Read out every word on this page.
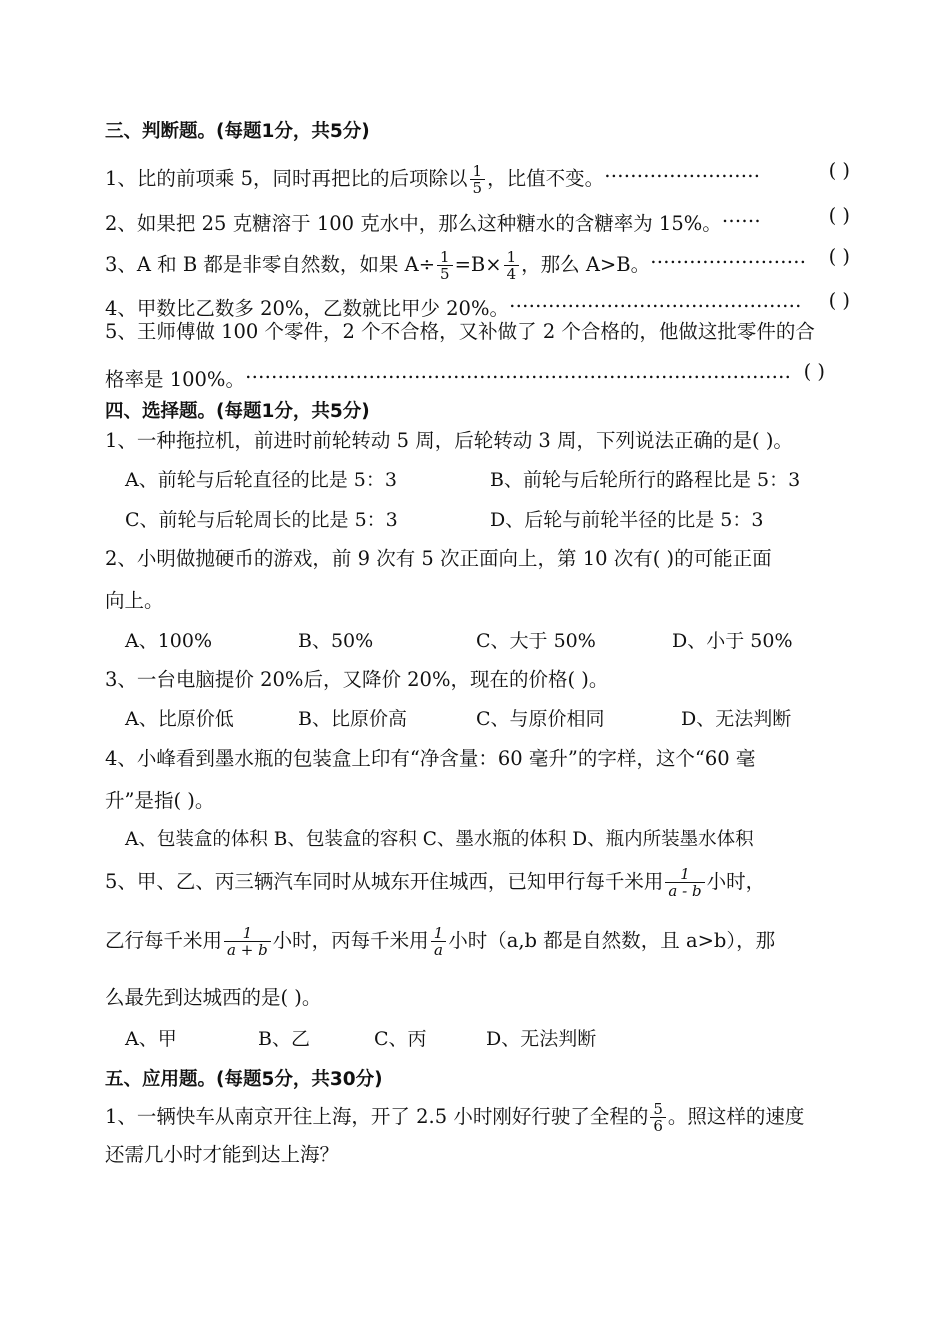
三、判断题。(每题1分，共5分)
1、比的前项乘 5，同时再把比的后项除以 $\frac{1}{5}$ ，比值不变。……………………	( )
2、如果把 25 克糖溶于 100 克水中，那么这种糖水的含糖率为 15%。……	( )
3、A 和 B 都是非零自然数，如果 $A\div \frac{1}{5} =B\times \frac{1}{4}$ ，那么 A>B。…………………… ( )
4、甲数比乙数多 20%，乙数就比甲少 20%。……………………………………… ( )
5、王师傅做 100 个零件，2 个不合格，又补做了 2 个合格的，他做这批零件的合
格率是 100%。………………………………………………………………………… ( )
四、选择题。(每题1分，共5分)
1、一种拖拉机，前进时前轮转动 5 周，后轮转动 3 周，下列说法正确的是( )。
A、前轮与后轮直径的比是 5：3	B、前轮与后轮所行的路程比是 5：3
C、前轮与后轮周长的比是 5：3	D、后轮与前轮半径的比是 5：3
2、小明做抛硬币的游戏，前 9 次有 5 次正面向上，第 10 次有( )的可能正面
向上。
A、100%	B、50%	C、大于 50%	D、小于 50%
3、一台电脑提价 20%后，又降价 20%，现在的价格( )。
A、比原价低	B、比原价高	C、与原价相同	D、无法判断
4、小峰看到墨水瓶的包装盒上印有“净含量：60 毫升”的字样，这个“60 毫
升”是指( )。
A、包装盒的体积 B、包装盒的容积 C、墨水瓶的体积 D、瓶内所装墨水体积
5、甲、乙、丙三辆汽车同时从城东开住城西，已知甲行每千米用 $\frac{1}{a - b}$ 小时，
乙行每千米用 $\frac{1}{a + b}$ 小时，丙每千米用 $\frac{1}{a}$ 小时（a,b 都是自然数，且 a>b），那
么最先到达城西的是( )。
A、甲	B、乙	C、丙	D、无法判断
五、应用题。(每题5分，共30分)
1、一辆快车从南京开往上海，开了 2.5 小时刚好行驶了全程的 $\frac{5}{6}$ 。照这样的速度
还需几小时才能到达上海？
